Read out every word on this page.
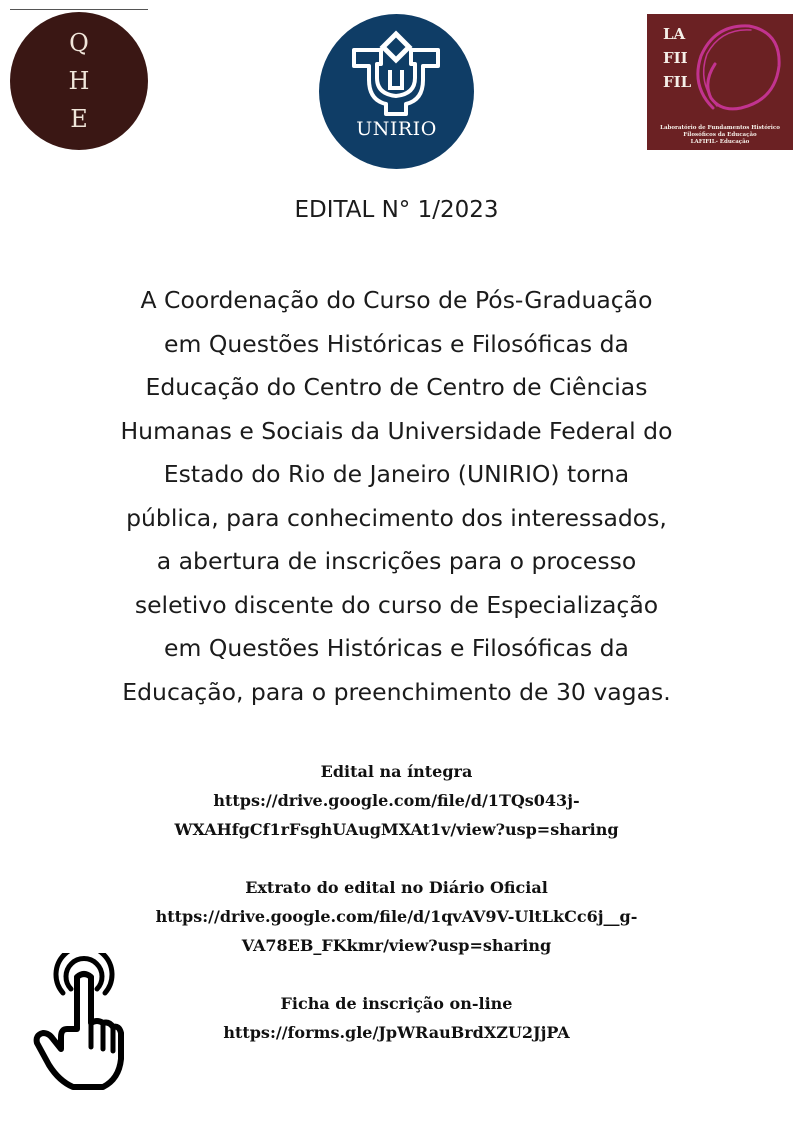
Q
H
E	UNIRIO
LA
FII
FIL
Laboratório de Fundamentos Histórico
Filosóficos da Educação
LAFIFIL- Educação
EDITAL N° 1/2023
A Coordenação do Curso de Pós-Graduação
em Questões Históricas e Filosóficas da
Educação do Centro de Centro de Ciências
Humanas e Sociais da Universidade Federal do
Estado do Rio de Janeiro (UNIRIO) torna
pública, para conhecimento dos interessados,
a abertura de inscrições para o processo
seletivo discente do curso de Especialização
em Questões Históricas e Filosóficas da
Educação, para o preenchimento de 30 vagas.
Edital na íntegra
https://drive.google.com/file/d/1TQs043j-
WXAHfgCf1rFsghUAugMXAt1v/view?usp=sharing
Extrato do edital no Diário Oficial
https://drive.google.com/file/d/1qvAV9V-UltLkCc6j__g-
VA78EB_FKkmr/view?usp=sharing
Ficha de inscrição on-line
https://forms.gle/JpWRauBrdXZU2JjPA
